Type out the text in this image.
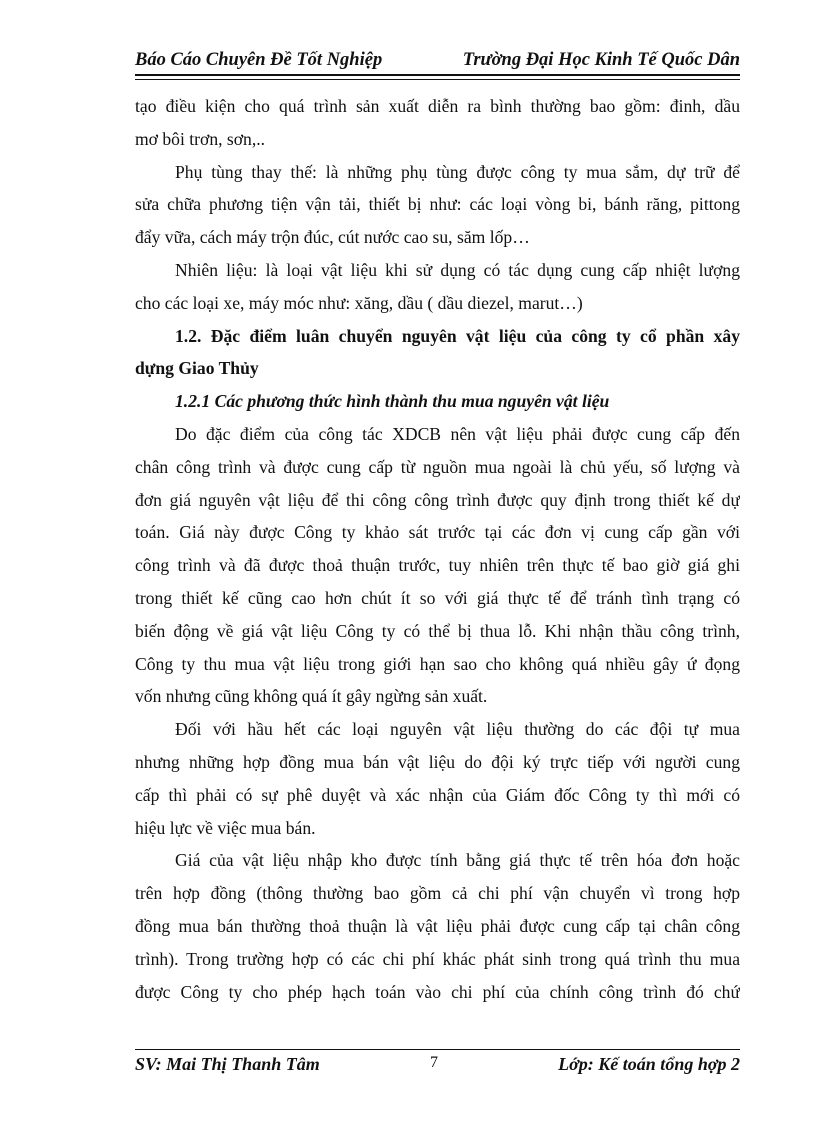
Báo Cáo Chuyên Đề Tốt Nghiệp	Trường Đại Học Kinh Tế Quốc Dân
tạo điều kiện cho quá trình sản xuất diễn ra bình thường bao gồm: đinh, dầu
mơ bôi trơn, sơn,..
Phụ tùng thay thế: là những phụ tùng được công ty mua sắm, dự trữ để
sửa chữa phương tiện vận tải, thiết bị như: các loại vòng bi, bánh răng, pittong
đẩy vữa, cách máy trộn đúc, cút nước cao su, săm lốp…
Nhiên liệu: là loại vật liệu khi sử dụng có tác dụng cung cấp nhiệt lượng
cho các loại xe, máy móc như: xăng, dầu ( dầu diezel, marut…)
1.2. Đặc điểm luân chuyển nguyên vật liệu của công ty cổ phần xây
dựng Giao Thủy
1.2.1 Các phương thức hình thành thu mua nguyên vật liệu
Do đặc điểm của công tác XDCB nên vật liệu phải được cung cấp đến
chân công trình và được cung cấp từ nguồn mua ngoài là chủ yếu, số lượng và
đơn giá nguyên vật liệu để thi công công trình được quy định trong thiết kế dự
toán. Giá này được Công ty khảo sát trước tại các đơn vị cung cấp gần với
công trình và đã được thoả thuận trước, tuy nhiên trên thực tế bao giờ giá ghi
trong thiết kế cũng cao hơn chút ít so với giá thực tế để tránh tình trạng có
biến động về giá vật liệu Công ty có thể bị thua lỗ. Khi nhận thầu công trình,
Công ty thu mua vật liệu trong giới hạn sao cho không quá nhiều gây ứ đọng
vốn nhưng cũng không quá ít gây ngừng sản xuất.
Đối với hầu hết các loại nguyên vật liệu thường do các đội tự mua
nhưng những hợp đồng mua bán vật liệu do đội ký trực tiếp với người cung
cấp thì phải có sự phê duyệt và xác nhận của Giám đốc Công ty thì mới có
hiệu lực về việc mua bán.
Giá của vật liệu nhập kho được tính bằng giá thực tế trên hóa đơn hoặc
trên hợp đồng (thông thường bao gồm cả chi phí vận chuyển vì trong hợp
đồng mua bán thường thoả thuận là vật liệu phải được cung cấp tại chân công
trình). Trong trường hợp có các chi phí khác phát sinh trong quá trình thu mua
được Công ty cho phép hạch toán vào chi phí của chính công trình đó chứ
SV: Mai Thị Thanh Tâm	7	Lớp: Kế toán tổng hợp 2
